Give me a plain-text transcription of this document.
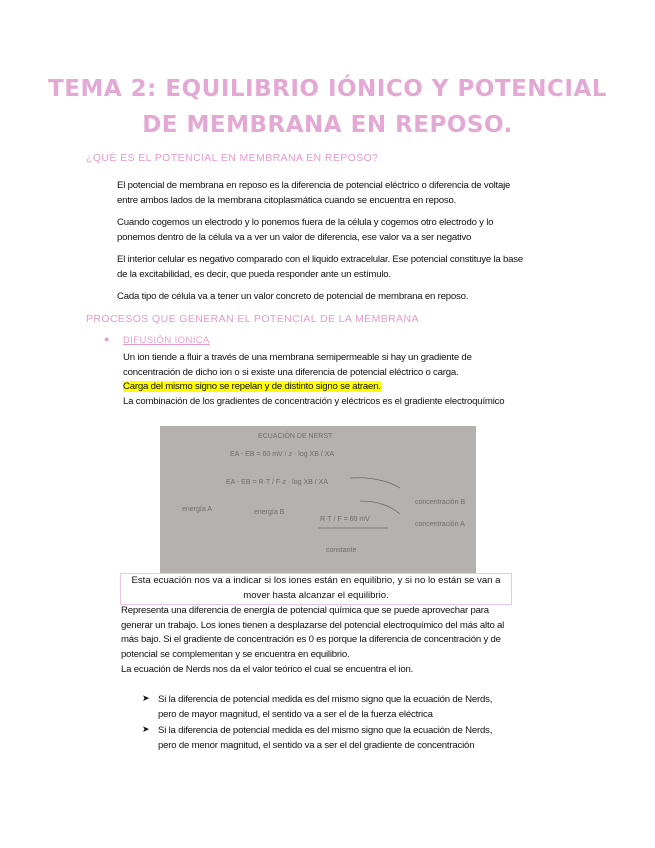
TEMA 2: EQUILIBRIO IÓNICO Y POTENCIAL
DE MEMBRANA EN REPOSO.
¿QUÉ ES EL POTENCIAL EN MEMBRANA EN REPOSO?
El potencial de membrana en reposo es la diferencia de potencial eléctrico o diferencia de voltaje entre ambos lados de la membrana citoplasmática cuando se encuentra en reposo.
Cuando cogemos un electrodo y lo ponemos fuera de la célula y cogemos otro electrodo y lo ponemos dentro de la célula va a ver un valor de diferencia, ese valor va a ser negativo
El interior celular es negativo comparado con el liquido extracelular. Ese potencial constituye la base de la excitabilidad, es decir, que pueda responder ante un estímulo.
Cada tipo de célula va a tener un valor concreto de potencial de membrana en reposo.
PROCESOS QUE GENERAN EL POTENCIAL DE LA MEMBRANA
● DIFUSIÓN IONICA
Un ion tiende a fluir a través de una membrana semipermeable si hay un gradiente de concentración de dicho ion o si existe una diferencia de potencial eléctrico o carga.
Carga del mismo signo se repelan y de distinto signo se atraen.
La combinación de los gradientes de concentración y eléctricos es el gradiente electroquímico
ECUACIÓN DE NERST
EA - EB = 60 mV / z · log XB / XA
EA - EB = R·T / F·z · log XB / XA
energía A	energía B
R·T / F = 60 mV
constante
concentración B
concentración A
Esta ecuación nos va a indicar si los iones están en equilibrio, y si no lo están se van a mover hasta alcanzar el equilibrio.
Representa una diferencia de energía de potencial química que se puede aprovechar para generar un trabajo. Los iones tienen a desplazarse del potencial electroquímico del más alto al más bajo. Si el gradiente de concentración es 0 es porque la diferencia de concentración y de potencial se complementan y se encuentra en equilibrio.
La ecuación de Nerds nos da el valor teórico el cual se encuentra el ion.
➤ Si la diferencia de potencial medida es del mismo signo que la ecuación de Nerds, pero de mayor magnitud, el sentido va a ser el de la fuerza eléctrica
➤ Si la diferencia de potencial medida es del mismo signo que la ecuación de Nerds, pero de menor magnitud, el sentido va a ser el del gradiente de concentración
